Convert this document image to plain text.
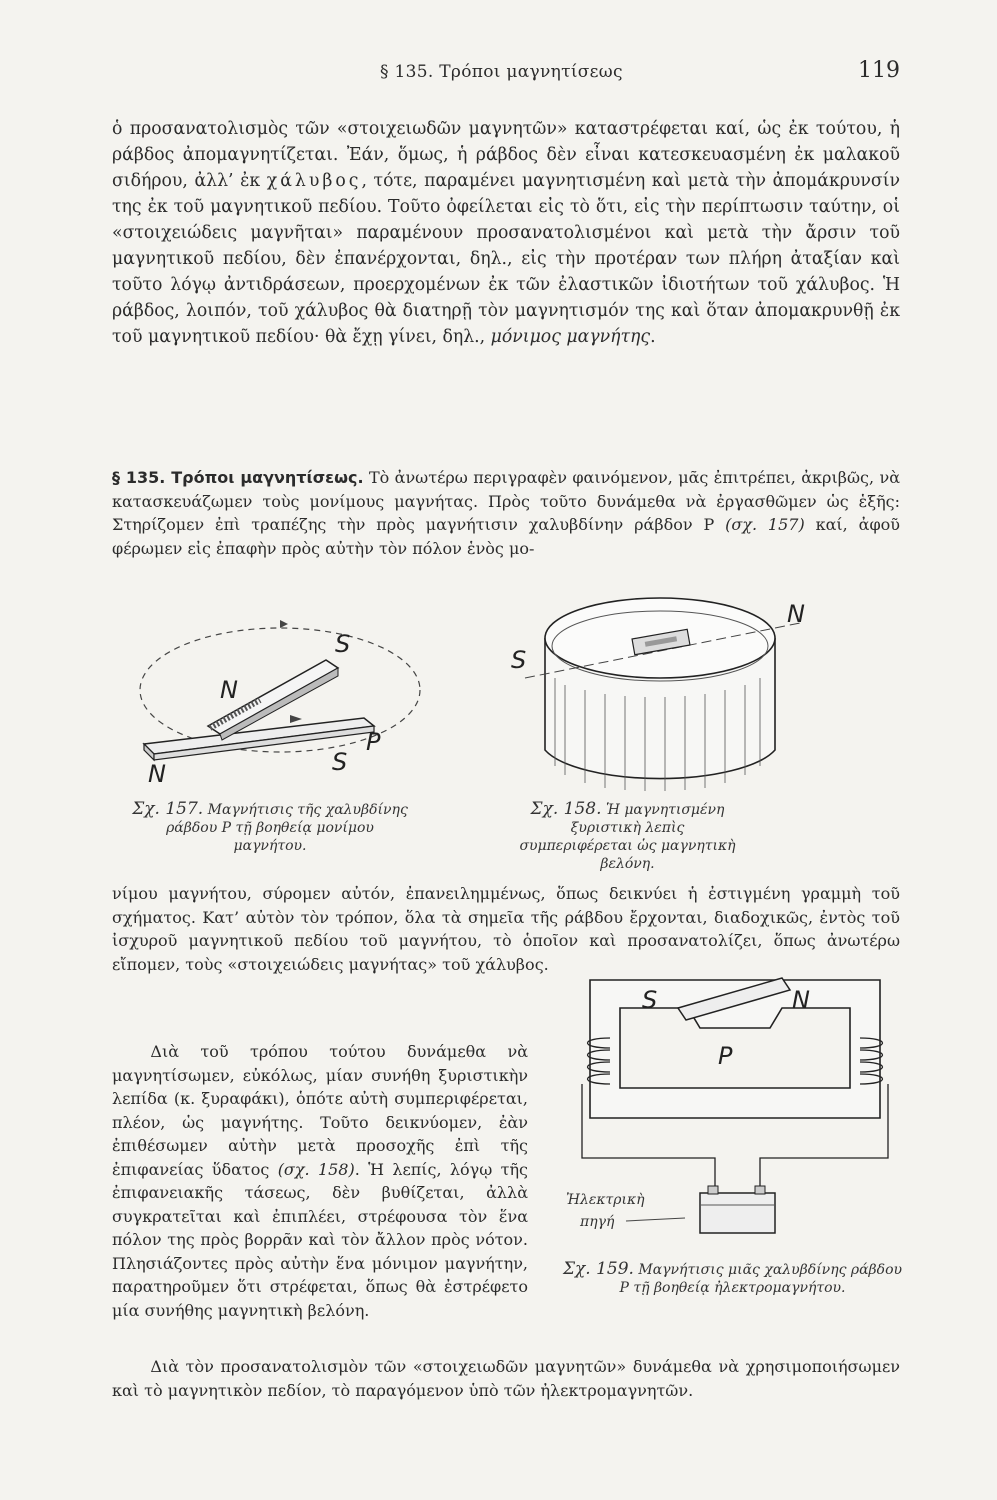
§ 135. Τρόποι μαγνητίσεως	119

ὁ προσανατολισμὸς τῶν «στοιχειωδῶν μαγνητῶν» καταστρέφεται καί, ὡς ἐκ τούτου, ἡ ράβδος ἀπομαγνητίζεται. Ἐάν, ὅμως, ἡ ράβδος δὲν εἶναι κατεσκευασμένη ἐκ μαλακοῦ σιδήρου, ἀλλ’ ἐκ χάλυβος, τότε, παραμένει μαγνητισμένη καὶ μετὰ τὴν ἀπομάκρυνσίν της ἐκ τοῦ μαγνητικοῦ πεδίου. Τοῦτο ὀφείλεται εἰς τὸ ὅτι, εἰς τὴν περίπτωσιν ταύτην, οἱ «στοιχειώδεις μαγνῆται» παραμένουν προσανατολισμένοι καὶ μετὰ τὴν ἄρσιν τοῦ μαγνητικοῦ πεδίου, δὲν ἐπανέρχονται, δηλ., εἰς τὴν προτέραν των πλήρη ἀταξίαν καὶ τοῦτο λόγῳ ἀντιδράσεων, προερχομένων ἐκ τῶν ἐλαστικῶν ἰδιοτήτων τοῦ χάλυβος. Ἡ ράβδος, λοιπόν, τοῦ χάλυβος θὰ διατηρῇ τὸν μαγνητισμόν της καὶ ὅταν ἀπομακρυνθῇ ἐκ τοῦ μαγνητικοῦ πεδίου· θὰ ἔχῃ γίνει, δηλ., μόνιμος μαγνήτης.

§ 135. Τρόποι μαγνητίσεως. Τὸ ἀνωτέρω περιγραφὲν φαινόμενον, μᾶς ἐπιτρέπει, ἀκριβῶς, νὰ κατασκευάζωμεν τοὺς μονίμους μαγνήτας. Πρὸς τοῦτο δυνάμεθα νὰ ἐργασθῶμεν ὡς ἑξῆς: Στηρίζομεν ἐπὶ τραπέζης τὴν πρὸς μαγνήτισιν χαλυβδίνην ράβδον P (σχ. 157) καί, ἀφοῦ φέρωμεν εἰς ἐπαφὴν πρὸς αὐτὴν τὸν πόλον ἑνὸς μο-

S
N
P
N	S
Σχ. 157. Μαγνήτισις τῆς χαλυβδίνης ράβδου P τῇ βοηθείᾳ μονίμου μαγνήτου.
N
S
Σχ. 158. Ἡ μαγνητισμένη ξυριστικὴ λεπὶς συμπεριφέρεται ὡς μαγνητικὴ βελόνη.

νίμου μαγνήτου, σύρομεν αὐτόν, ἐπανειλημμένως, ὅπως δεικνύει ἡ ἐστιγμένη γραμμὴ τοῦ σχήματος. Κατ’ αὐτὸν τὸν τρόπον, ὅλα τὰ σημεῖα τῆς ράβδου ἔρχονται, διαδοχικῶς, ἐντὸς τοῦ ἰσχυροῦ μαγνητικοῦ πεδίου τοῦ μαγνήτου, τὸ ὁποῖον καὶ προσανατολίζει, ὅπως ἀνωτέρω εἴπομεν, τοὺς «στοιχειώδεις μαγνήτας» τοῦ χάλυβος.

Διὰ τοῦ τρόπου τούτου δυνάμεθα νὰ μαγνητίσωμεν, εὐκόλως, μίαν συνήθη ξυριστικὴν λεπίδα (κ. ξυραφάκι), ὁπότε αὐτὴ συμπεριφέρεται, πλέον, ὡς μαγνήτης. Τοῦτο δεικνύομεν, ἐὰν ἐπιθέσωμεν αὐτὴν μετὰ προσοχῆς ἐπὶ τῆς ἐπιφανείας ὕδατος (σχ. 158). Ἡ λεπίς, λόγῳ τῆς ἐπιφανειακῆς τάσεως, δὲν βυθίζεται, ἀλλὰ συγκρατεῖται καὶ ἐπιπλέει, στρέφουσα τὸν ἕνα πόλον της πρὸς βορρᾶν καὶ τὸν ἄλλον πρὸς νότον. Πλησιάζοντες πρὸς αὐτὴν ἕνα μόνιμον μαγνήτην, παρατηροῦμεν ὅτι στρέφεται, ὅπως θὰ ἐστρέφετο μία συνήθης μαγνητικὴ βελόνη.

S	N
P
Ἠλεκτρικὴ
πηγή
Σχ. 159. Μαγνήτισις μιᾶς χαλυβδίνης ράβδου P τῇ βοηθείᾳ ἠλεκτρομαγνήτου.

Διὰ τὸν προσανατολισμὸν τῶν «στοιχειωδῶν μαγνητῶν» δυνάμεθα νὰ χρησιμοποιήσωμεν καὶ τὸ μαγνητικὸν πεδίον, τὸ παραγόμενον ὑπὸ τῶν ἠλεκτρομαγνητῶν.
